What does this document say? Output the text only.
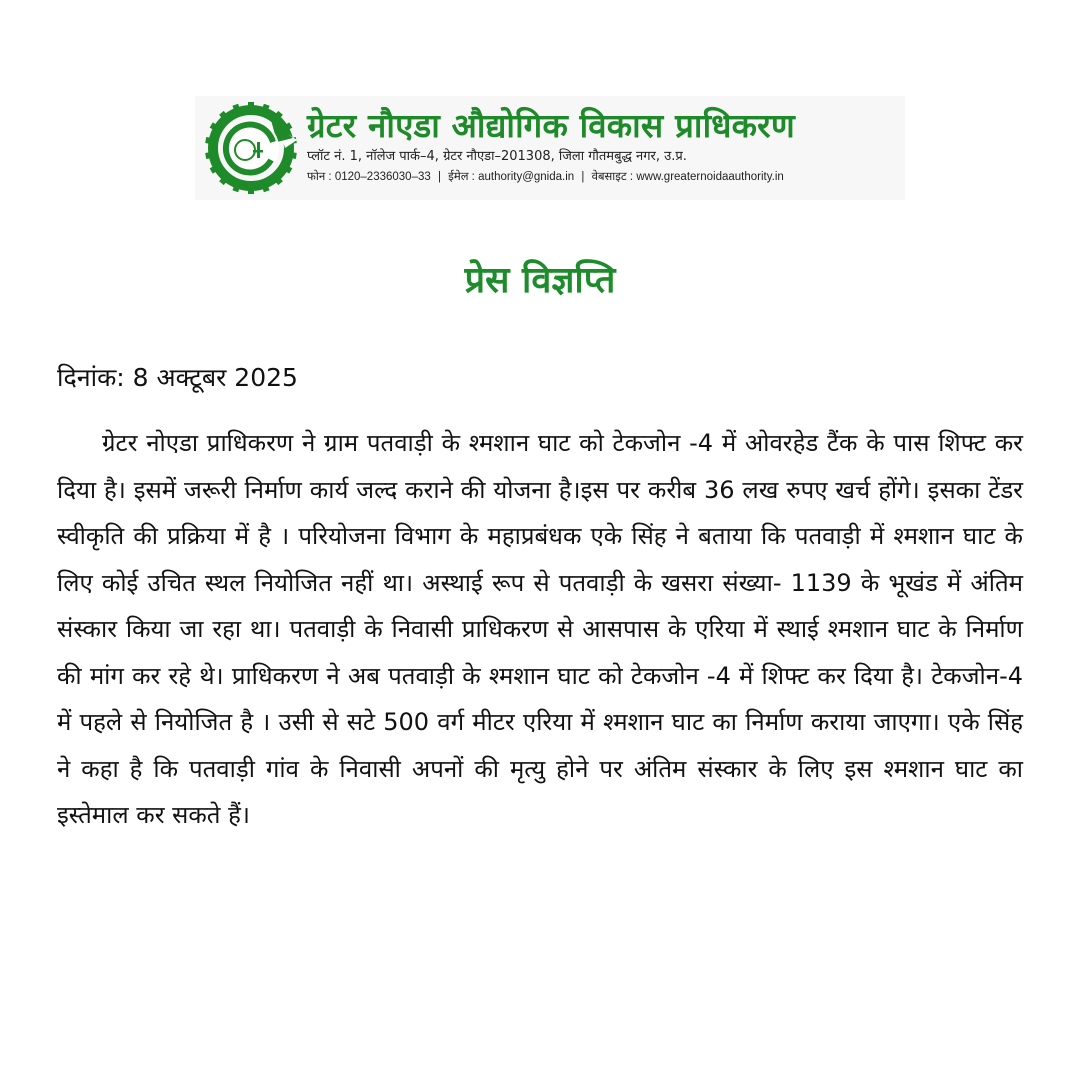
ग्रेटर नौएडा औद्योगिक विकास प्राधिकरण
प्लॉट नं. 1, नॉलेज पार्क–4, ग्रेटर नौएडा–201308, जिला गौतमबुद्ध नगर, उ.प्र.
फोन : 0120–2336030–33 | ईमेल : authority@gnida.in | वेबसाइट : www.greaternoidaauthority.in
प्रेस विज्ञप्ति
दिनांक: 8 अक्टूबर 2025

ग्रेटर नोएडा प्राधिकरण ने ग्राम पतवाड़ी के श्मशान घाट को टेकजोन -4 में ओवरहेड टैंक के पास शिफ्ट कर दिया है। इसमें जरूरी निर्माण कार्य जल्द कराने की योजना है।इस पर करीब 36 लख रुपए खर्च होंगे। इसका टेंडर स्वीकृति की प्रक्रिया में है । परियोजना विभाग के महाप्रबंधक एके सिंह ने बताया कि पतवाड़ी में श्मशान घाट के लिए कोई उचित स्थल नियोजित नहीं था। अस्थाई रूप से पतवाड़ी के खसरा संख्या- 1139 के भूखंड में अंतिम संस्कार किया जा रहा था। पतवाड़ी के निवासी प्राधिकरण से आसपास के एरिया में स्थाई श्मशान घाट के निर्माण की मांग कर रहे थे। प्राधिकरण ने अब पतवाड़ी के श्मशान घाट को टेकजोन -4 में शिफ्ट कर दिया है। टेकजोन-4 में पहले से नियोजित है । उसी से सटे 500 वर्ग मीटर एरिया में श्मशान घाट का निर्माण कराया जाएगा। एके सिंह ने कहा है कि पतवाड़ी गांव के निवासी अपनों की मृत्यु होने पर अंतिम संस्कार के लिए इस श्मशान घाट का इस्तेमाल कर सकते हैं।
